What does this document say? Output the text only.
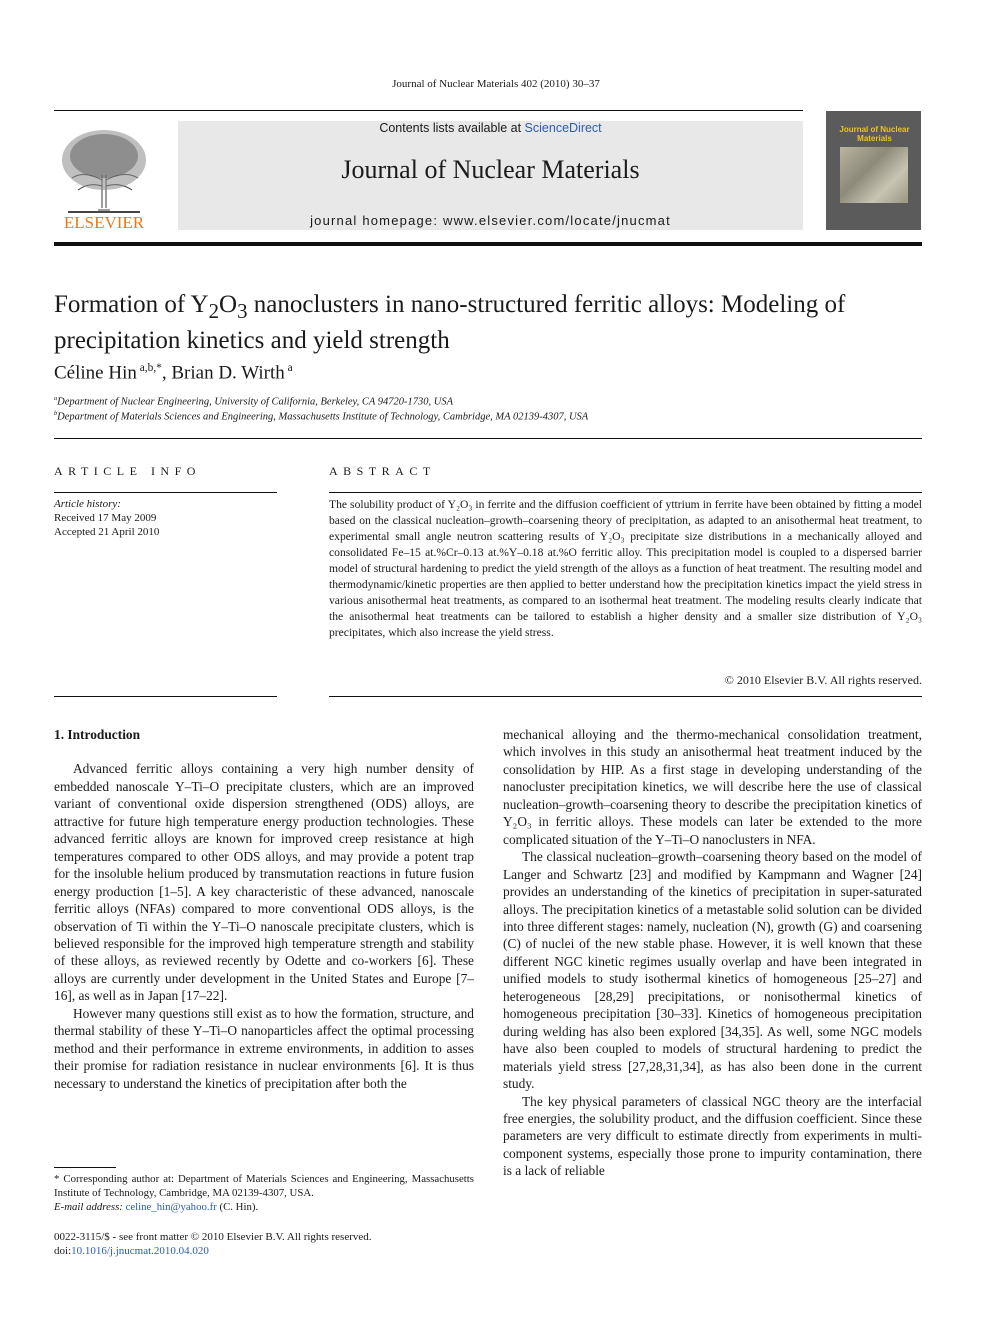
Journal of Nuclear Materials 402 (2010) 30–37
ELSEVIER
Contents lists available at ScienceDirect
Journal of Nuclear Materials
journal homepage: www.elsevier.com/locate/jnucmat
Journal of Nuclear Materials
Formation of $Y_2O_3$ nanoclusters in nano-structured ferritic alloys: Modeling of precipitation kinetics and yield strength
Céline Hin $^{a,b,*}$, Brian D. Wirth $^a$
$^a$Department of Nuclear Engineering, University of California, Berkeley, CA 94720-1730, USA
$^b$Department of Materials Sciences and Engineering, Massachusetts Institute of Technology, Cambridge, MA 02139-4307, USA
ARTICLE INFO	ABSTRACT
Article history:
Received 17 May 2009
Accepted 21 April 2010
The solubility product of Y₂O₃ in ferrite and the diffusion coefficient of yttrium in ferrite have been obtained by fitting a model based on the classical nucleation–growth–coarsening theory of precipitation, as adapted to an anisothermal heat treatment, to experimental small angle neutron scattering results of Y₂O₃ precipitate size distributions in a mechanically alloyed and consolidated Fe–15 at.%Cr–0.13 at.%Y–0.18 at.%O ferritic alloy. This precipitation model is coupled to a dispersed barrier model of structural hardening to predict the yield strength of the alloys as a function of heat treatment. The resulting model and thermodynamic/kinetic properties are then applied to better understand how the precipitation kinetics impact the yield stress in various anisothermal heat treatments, as compared to an isothermal heat treatment. The modeling results clearly indicate that the anisothermal heat treatments can be tailored to establish a higher density and a smaller size distribution of Y₂O₃ precipitates, which also increase the yield stress.
© 2010 Elsevier B.V. All rights reserved.
1. Introduction

Advanced ferritic alloys containing a very high number density of embedded nanoscale Y–Ti–O precipitate clusters, which are an improved variant of conventional oxide dispersion strengthened (ODS) alloys, are attractive for future high temperature energy production technologies. These advanced ferritic alloys are known for improved creep resistance at high temperatures compared to other ODS alloys, and may provide a potent trap for the insoluble helium produced by transmutation reactions in future fusion energy production [1–5]. A key characteristic of these advanced, nanoscale ferritic alloys (NFAs) compared to more conventional ODS alloys, is the observation of Ti within the Y–Ti–O nanoscale precipitate clusters, which is believed responsible for the improved high temperature strength and stability of these alloys, as reviewed recently by Odette and co-workers [6]. These alloys are currently under development in the United States and Europe [7–16], as well as in Japan [17–22].

However many questions still exist as to how the formation, structure, and thermal stability of these Y–Ti–O nanoparticles affect the optimal processing method and their performance in extreme environments, in addition to asses their promise for radiation resistance in nuclear environments [6]. It is thus necessary to understand the kinetics of precipitation after both the

mechanical alloying and the thermo-mechanical consolidation treatment, which involves in this study an anisothermal heat treatment induced by the consolidation by HIP. As a first stage in developing understanding of the nanocluster precipitation kinetics, we will describe here the use of classical nucleation–growth–coarsening theory to describe the precipitation kinetics of Y₂O₃ in ferritic alloys. These models can later be extended to the more complicated situation of the Y–Ti–O nanoclusters in NFA.

The classical nucleation–growth–coarsening theory based on the model of Langer and Schwartz [23] and modified by Kampmann and Wagner [24] provides an understanding of the kinetics of precipitation in super-saturated alloys. The precipitation kinetics of a metastable solid solution can be divided into three different stages: namely, nucleation (N), growth (G) and coarsening (C) of nuclei of the new stable phase. However, it is well known that these different NGC kinetic regimes usually overlap and have been integrated in unified models to study isothermal kinetics of homogeneous [25–27] and heterogeneous [28,29] precipitations, or nonisothermal kinetics of homogeneous precipitation [30–33]. Kinetics of homogeneous precipitation during welding has also been explored [34,35]. As well, some NGC models have also been coupled to models of structural hardening to predict the materials yield stress [27,28,31,34], as has also been done in the current study.

The key physical parameters of classical NGC theory are the interfacial free energies, the solubility product, and the diffusion coefficient. Since these parameters are very difficult to estimate directly from experiments in multi-component systems, especially those prone to impurity contamination, there is a lack of reliable

* Corresponding author at: Department of Materials Sciences and Engineering, Massachusetts Institute of Technology, Cambridge, MA 02139-4307, USA.
E-mail address: celine_hin@yahoo.fr (C. Hin).
0022-3115/$ - see front matter © 2010 Elsevier B.V. All rights reserved.
doi:10.1016/j.jnucmat.2010.04.020
